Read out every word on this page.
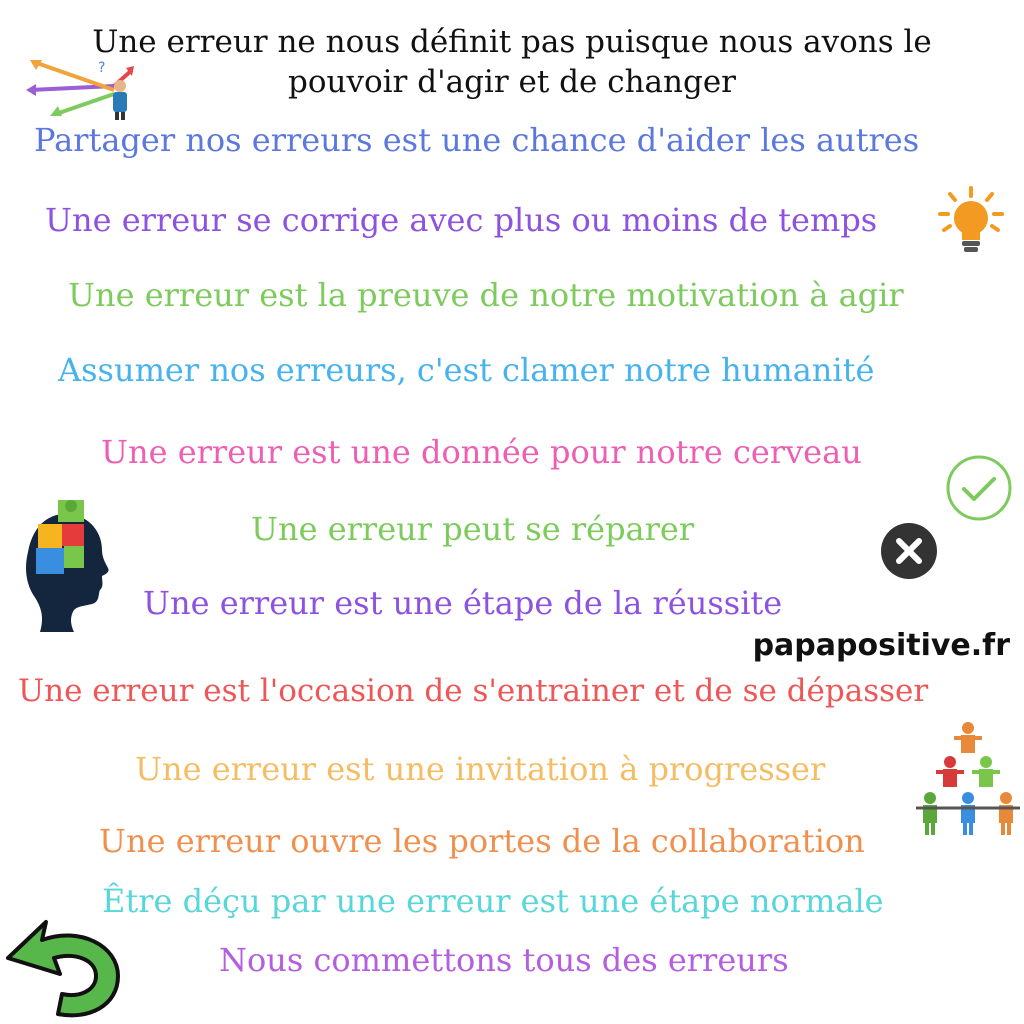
Une erreur ne nous définit pas puisque nous avons le
pouvoir d'agir et de changer
Partager nos erreurs est une chance d'aider les autres
Une erreur se corrige avec plus ou moins de temps
Une erreur est la preuve de notre motivation à agir
Assumer nos erreurs, c'est clamer notre humanité
Une erreur est une donnée pour notre cerveau
Une erreur peut se réparer
Une erreur est une étape de la réussite
Une erreur est l'occasion de s'entrainer et de se dépasser
Une erreur est une invitation à progresser
Une erreur ouvre les portes de la collaboration
Être déçu par une erreur est une étape normale
Nous commettons tous des erreurs
papapositive.fr
?
